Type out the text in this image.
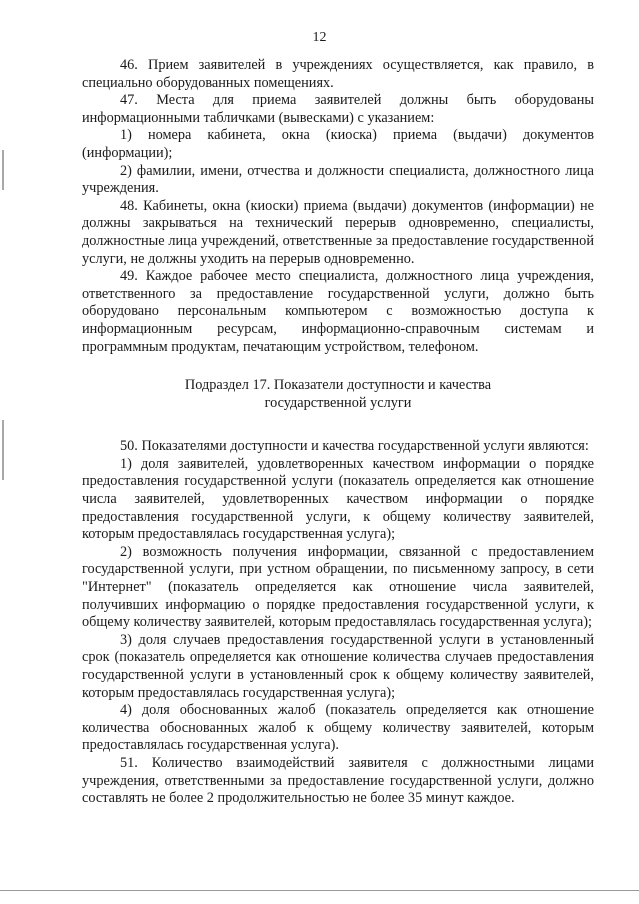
12

46. Прием заявителей в учреждениях осуществляется, как правило, в специально оборудованных помещениях.

47. Места для приема заявителей должны быть оборудованы информационными табличками (вывесками) с указанием:

1) номера кабинета, окна (киоска) приема (выдачи) документов (информации);

2) фамилии, имени, отчества и должности специалиста, должностного лица учреждения.

48. Кабинеты, окна (киоски) приема (выдачи) документов (информации) не должны закрываться на технический перерыв одновременно, специалисты, должностные лица учреждений, ответственные за предоставление государственной услуги, не должны уходить на перерыв одновременно.

49. Каждое рабочее место специалиста, должностного лица учреждения, ответственного за предоставление государственной услуги, должно быть оборудовано персональным компьютером с возможностью доступа к информационным ресурсам, информационно-справочным системам и программным продуктам, печатающим устройством, телефоном.

Подраздел 17. Показатели доступности и качества
государственной услуги

50. Показателями доступности и качества государственной услуги являются:

1) доля заявителей, удовлетворенных качеством информации о порядке предоставления государственной услуги (показатель определяется как отношение числа заявителей, удовлетворенных качеством информации о порядке предоставления государственной услуги, к общему количеству заявителей, которым предоставлялась государственная услуга);

2) возможность получения информации, связанной с предоставлением государственной услуги, при устном обращении, по письменному запросу, в сети "Интернет" (показатель определяется как отношение числа заявителей, получивших информацию о порядке предоставления государственной услуги, к общему количеству заявителей, которым предоставлялась государственная услуга);

3) доля случаев предоставления государственной услуги в установленный срок (показатель определяется как отношение количества случаев предоставления государственной услуги в установленный срок к общему количеству заявителей, которым предоставлялась государственная услуга);

4) доля обоснованных жалоб (показатель определяется как отношение количества обоснованных жалоб к общему количеству заявителей, которым предоставлялась государственная услуга).

51. Количество взаимодействий заявителя с должностными лицами учреждения, ответственными за предоставление государственной услуги, должно составлять не более 2 продолжительностью не более 35 минут каждое.
